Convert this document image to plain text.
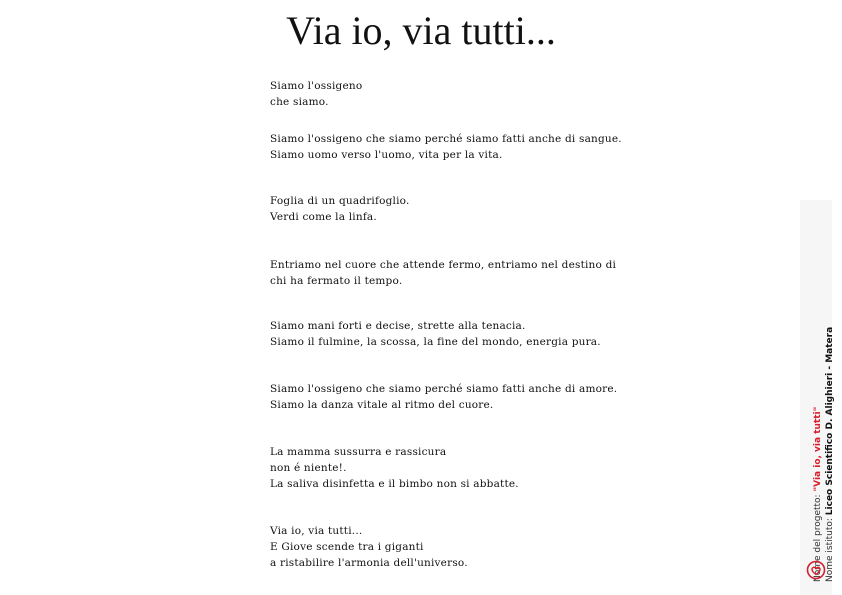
Via io, via tutti...
Siamo l'ossigeno
che siamo.
Siamo l'ossigeno che siamo perché siamo fatti anche di sangue.
Siamo uomo verso l'uomo, vita per la vita.
Foglia di un quadrifoglio.
Verdi come la linfa.
Entriamo nel cuore che attende fermo, entriamo nel destino di
chi ha fermato il tempo.
Siamo mani forti e decise, strette alla tenacia.
Siamo il fulmine, la scossa, la fine del mondo, energia pura.
Siamo l'ossigeno che siamo perché siamo fatti anche di amore.
Siamo la danza vitale al ritmo del cuore.
La mamma sussurra e rassicura
non é niente!.
La saliva disinfetta e il bimbo non si abbatte.
Via io, via tutti...
E Giove scende tra i giganti
a ristabilire l'armonia dell'universo.	Nome del progetto: "Via io, via tutti"
Nome istituto: Liceo Scientifico D. Alighieri - Matera
